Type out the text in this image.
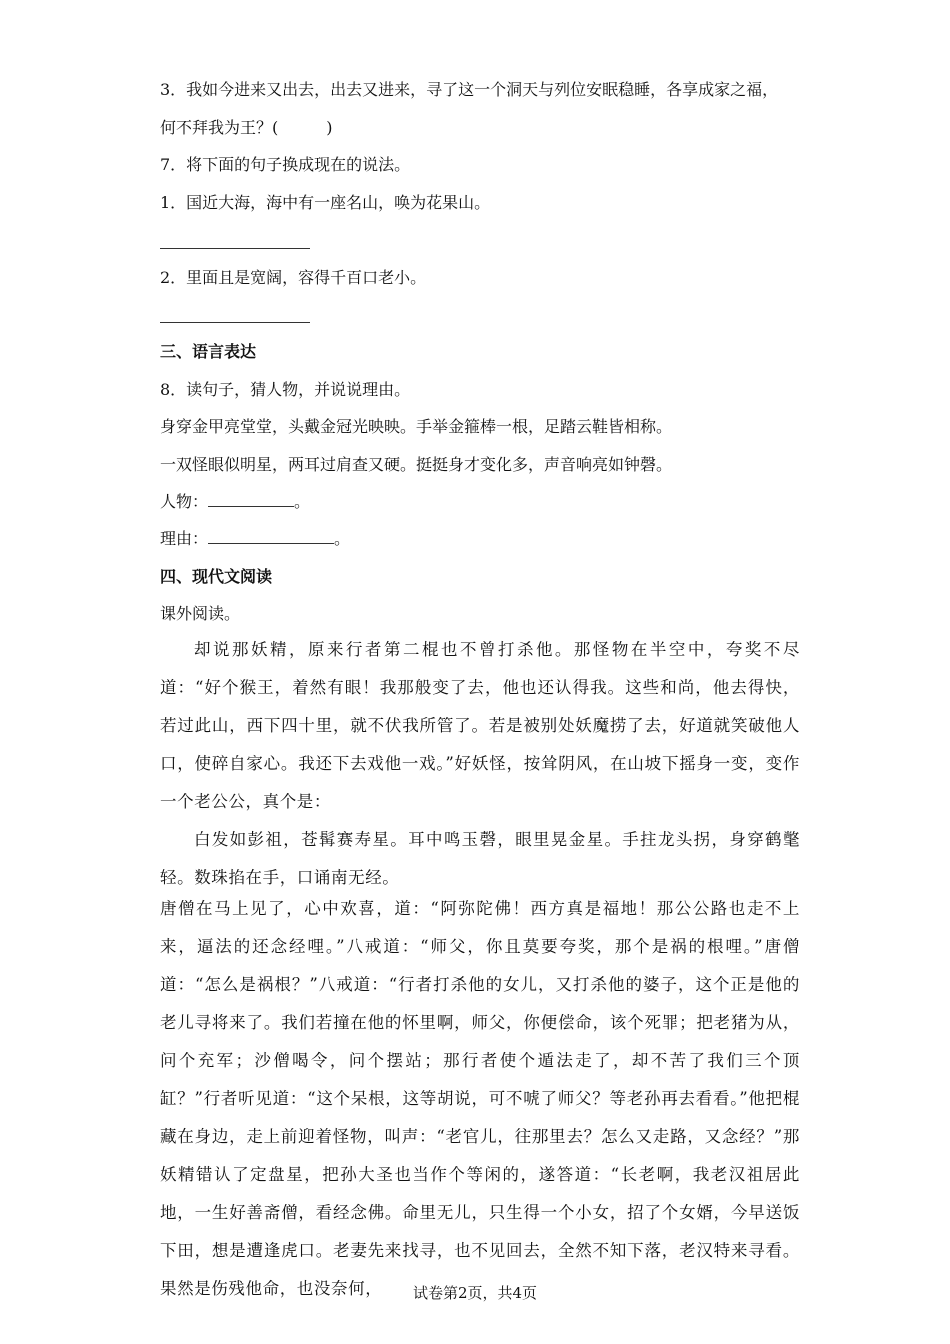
3．我如今进来又出去，出去又进来，寻了这一个洞天与列位安眠稳睡，各享成家之福，
何不拜我为王？(　　　)
7．将下面的句子换成现在的说法。
1．国近大海，海中有一座名山，唤为花果山。
2．里面且是宽阔，容得千百口老小。
三、语言表达
8．读句子，猜人物，并说说理由。
身穿金甲亮堂堂，头戴金冠光映映。手举金箍棒一根，足踏云鞋皆相称。
一双怪眼似明星，两耳过肩查又硬。挺挺身才变化多，声音响亮如钟磬。
人物：	。
理由：	。
四、现代文阅读
课外阅读。

却说那妖精，原来行者第二棍也不曾打杀他。那怪物在半空中，夸奖不尽道：“好个猴王，着然有眼！我那般变了去，他也还认得我。这些和尚，他去得快，若过此山，西下四十里，就不伏我所管了。若是被别处妖魔捞了去，好道就笑破他人口，使碎自家心。我还下去戏他一戏。”好妖怪，按耸阴风，在山坡下摇身一变，变作一个老公公，真个是：

白发如彭祖，苍髯赛寿星。耳中鸣玉磬，眼里晃金星。手拄龙头拐，身穿鹤氅轻。数珠掐在手，口诵南无经。

唐僧在马上见了，心中欢喜，道：“阿弥陀佛！西方真是福地！那公公路也走不上来，逼法的还念经哩。”八戒道：“师父，你且莫要夸奖，那个是祸的根哩。”唐僧道：“怎么是祸根？”八戒道：“行者打杀他的女儿，又打杀他的婆子，这个正是他的老儿寻将来了。我们若撞在他的怀里啊，师父，你便偿命，该个死罪；把老猪为从，问个充军；沙僧喝令，问个摆站；那行者使个遁法走了，却不苦了我们三个顶缸？”行者听见道：“这个呆根，这等胡说，可不唬了师父？等老孙再去看看。”他把棍藏在身边，走上前迎着怪物，叫声：“老官儿，往那里去？怎么又走路，又念经？”那妖精错认了定盘星，把孙大圣也当作个等闲的，遂答道：“长老啊，我老汉祖居此地，一生好善斋僧，看经念佛。命里无儿，只生得一个小女，招了个女婿，今早送饭下田，想是遭逢虎口。老妻先来找寻，也不见回去，全然不知下落，老汉特来寻看。果然是伤残他命，也没奈何，	试卷第2页，共4页
